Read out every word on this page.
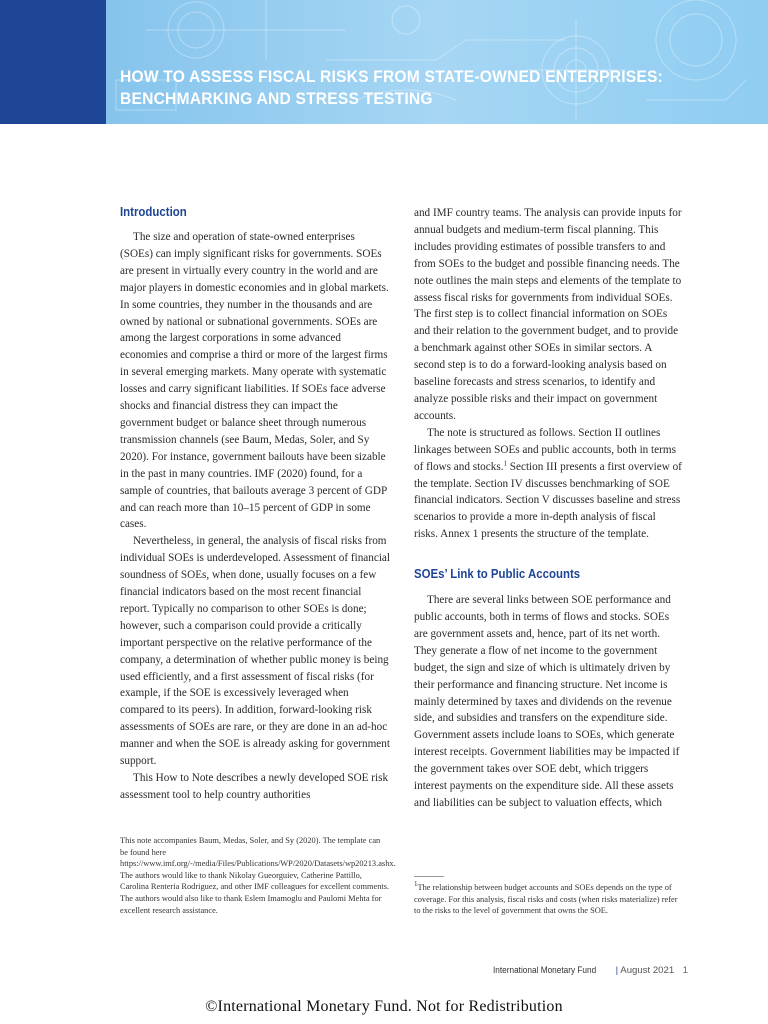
HOW TO ASSESS FISCAL RISKS FROM STATE-OWNED ENTERPRISES:
BENCHMARKING AND STRESS TESTING
Introduction

The size and operation of state-owned enterprises (SOEs) can imply significant risks for governments. SOEs are present in virtually every country in the world and are major players in domestic economies and in global markets. In some countries, they number in the thousands and are owned by national or subnational governments. SOEs are among the largest corporations in some advanced economies and comprise a third or more of the largest firms in several emerging markets. Many operate with systematic losses and carry significant liabilities. If SOEs face adverse shocks and financial distress they can impact the government budget or balance sheet through numerous transmission channels (see Baum, Medas, Soler, and Sy 2020). For instance, government bailouts have been sizable in the past in many countries. IMF (2020) found, for a sample of countries, that bailouts average 3 percent of GDP and can reach more than 10–15 percent of GDP in some cases.

Nevertheless, in general, the analysis of fiscal risks from individual SOEs is underdeveloped. Assessment of financial soundness of SOEs, when done, usually focuses on a few financial indicators based on the most recent financial report. Typically no comparison to other SOEs is done; however, such a comparison could provide a critically important perspective on the relative performance of the company, a determination of whether public money is being used efficiently, and a first assessment of fiscal risks (for example, if the SOE is excessively leveraged when compared to its peers). In addition, forward-looking risk assessments of SOEs are rare, or they are done in an ad-hoc manner and when the SOE is already asking for government support.

This How to Note describes a newly developed SOE risk assessment tool to help country authorities

and IMF country teams. The analysis can provide inputs for annual budgets and medium-term fiscal planning. This includes providing estimates of possible transfers to and from SOEs to the budget and possible financing needs. The note outlines the main steps and elements of the template to assess fiscal risks for governments from individual SOEs. The first step is to collect financial information on SOEs and their relation to the government budget, and to provide a benchmark against other SOEs in similar sectors. A second step is to do a forward-looking analysis based on baseline forecasts and stress scenarios, to identify and analyze possible risks and their impact on government accounts.

The note is structured as follows. Section II outlines linkages between SOEs and public accounts, both in terms of flows and stocks.$^1$ Section III presents a first overview of the template. Section IV discusses benchmarking of SOE financial indicators. Section V discusses baseline and stress scenarios to provide a more in-depth analysis of fiscal risks. Annex 1 presents the structure of the template.

SOEs’ Link to Public Accounts

There are several links between SOE performance and public accounts, both in terms of flows and stocks. SOEs are government assets and, hence, part of its net worth. They generate a flow of net income to the government budget, the sign and size of which is ultimately driven by their performance and financing structure. Net income is mainly determined by taxes and dividends on the revenue side, and subsidies and transfers on the expenditure side. Government assets include loans to SOEs, which generate interest receipts. Government liabilities may be impacted if the government takes over SOE debt, which triggers interest payments on the expenditure side. All these assets and liabilities can be subject to valuation effects, which

This note accompanies Baum, Medas, Soler, and Sy (2020). The template can be found here https://www.imf.org/-/media/Files/Publications/WP/2020/Datasets/wp20213.ashx. The authors would like to thank Nikolay Gueorguiev, Catherine Pattillo, Carolina Renteria Rodriguez, and other IMF colleagues for excellent comments. The authors would also like to thank Eslem Imamoglu and Paulomi Mehta for excellent research assistance.
$^1$The relationship between budget accounts and SOEs depends on the type of coverage. For this analysis, fiscal risks and costs (when risks materialize) refer to the risks to the level of government that owns the SOE.
International Monetary Fund | August 2021 1
©International Monetary Fund. Not for Redistribution
